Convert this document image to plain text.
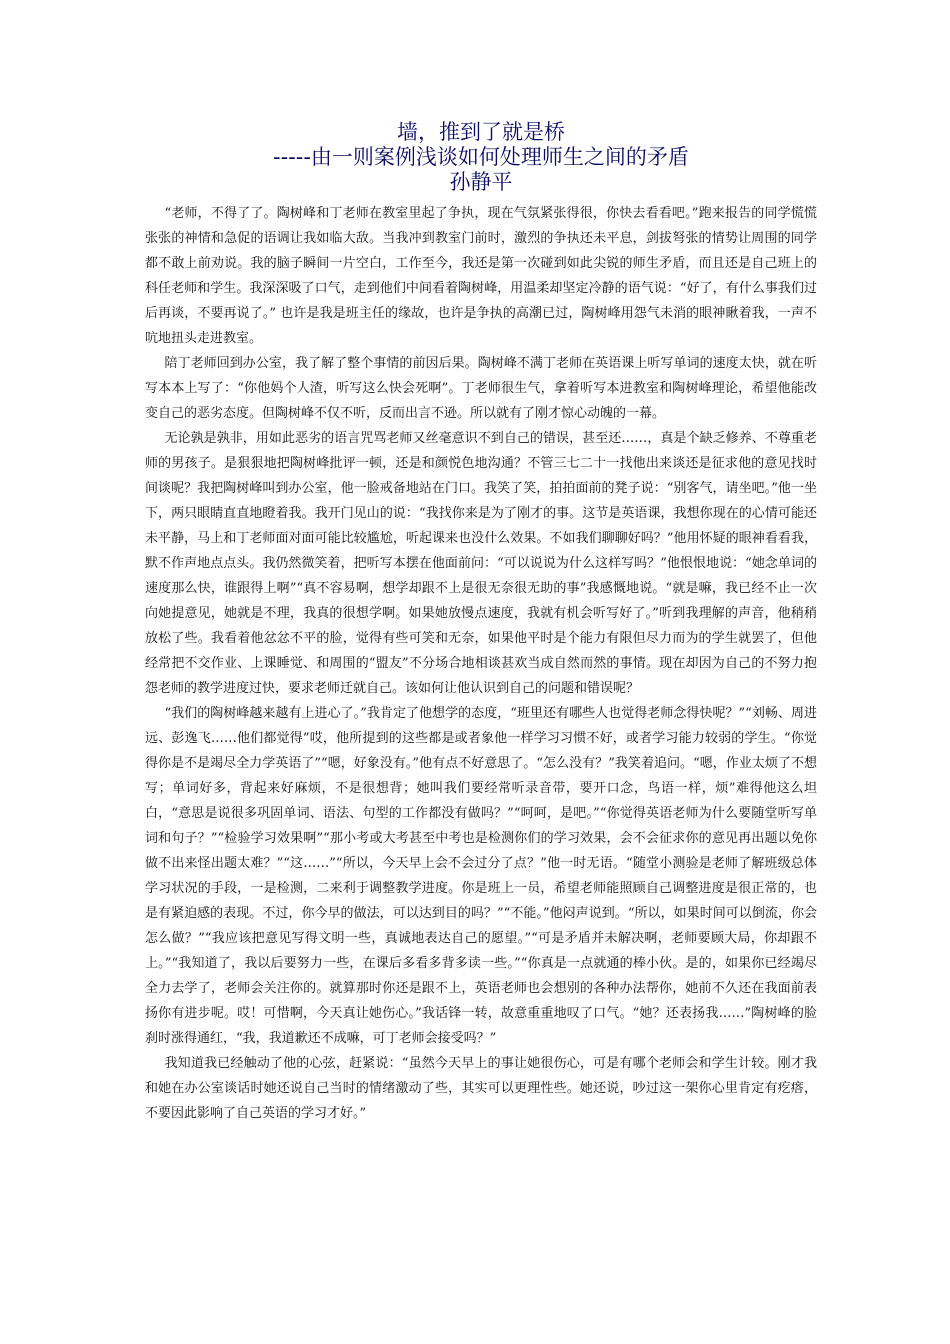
墙，推到了就是桥
-----由一则案例浅谈如何处理师生之间的矛盾
孙静平

“老师，不得了了。陶树峰和丁老师在教室里起了争执，现在气氛紧张得很，你快去看看吧。”跑来报告的同学慌慌张张的神情和急促的语调让我如临大敌。当我冲到教室门前时，激烈的争执还未平息，剑拔弩张的情势让周围的同学都不敢上前劝说。我的脑子瞬间一片空白，工作至今，我还是第一次碰到如此尖锐的师生矛盾，而且还是自己班上的科任老师和学生。我深深吸了口气，走到他们中间看着陶树峰，用温柔却坚定冷静的语气说：“好了，有什么事我们过后再谈，不要再说了。” 也许是我是班主任的缘故，也许是争执的高潮已过，陶树峰用怨气未消的眼神瞅着我，一声不吭地扭头走进教室。

陪丁老师回到办公室，我了解了整个事情的前因后果。陶树峰不满丁老师在英语课上听写单词的速度太快，就在听写本本上写了：“你他妈个人渣，听写这么快会死啊”。丁老师很生气，拿着听写本进教室和陶树峰理论，希望他能改变自己的恶劣态度。但陶树峰不仅不听，反而出言不逊。所以就有了刚才惊心动魄的一幕。

无论孰是孰非，用如此恶劣的语言咒骂老师又丝毫意识不到自己的错误，甚至还……，真是个缺乏修养、不尊重老师的男孩子。是狠狠地把陶树峰批评一顿，还是和颜悦色地沟通？不管三七二十一找他出来谈还是征求他的意见找时间谈呢？我把陶树峰叫到办公室，他一脸戒备地站在门口。我笑了笑，拍拍面前的凳子说：“别客气，请坐吧。”他一坐下，两只眼睛直直地瞪着我。我开门见山的说：“我找你来是为了刚才的事。这节是英语课，我想你现在的心情可能还未平静，马上和丁老师面对面可能比较尴尬，听起课来也没什么效果。不如我们聊聊好吗？”他用怀疑的眼神看看我，默不作声地点点头。我仍然微笑着，把听写本摆在他面前问：“可以说说为什么这样写吗？”他恨恨地说：“她念单词的速度那么快，谁跟得上啊”“真不容易啊，想学却跟不上是很无奈很无助的事”我感慨地说。“就是嘛，我已经不止一次向她提意见，她就是不理，我真的很想学啊。如果她放慢点速度，我就有机会听写好了。”听到我理解的声音，他稍稍放松了些。我看着他忿忿不平的脸，觉得有些可笑和无奈，如果他平时是个能力有限但尽力而为的学生就罢了，但他经常把不交作业、上课睡觉、和周围的“盟友”不分场合地相谈甚欢当成自然而然的事情。现在却因为自己的不努力抱怨老师的教学进度过快，要求老师迁就自己。该如何让他认识到自己的问题和错误呢？

“我们的陶树峰越来越有上进心了。”我肯定了他想学的态度，“班里还有哪些人也觉得老师念得快呢？”“刘畅、周进远、彭逸飞……他们都觉得”哎，他所提到的这些都是或者象他一样学习习惯不好，或者学习能力较弱的学生。“你觉得你是不是竭尽全力学英语了”“嗯，好象没有。”他有点不好意思了。“怎么没有？”我笑着追问。“嗯，作业太烦了不想写；单词好多，背起来好麻烦，不是很想背；她叫我们要经常听录音带，要开口念，鸟语一样，烦”难得他这么坦白，“意思是说很多巩固单词、语法、句型的工作都没有做吗？”“呵呵，是吧。”“你觉得英语老师为什么要随堂听写单词和句子？”“检验学习效果啊”“那小考或大考甚至中考也是检测你们的学习效果，会不会征求你的意见再出题以免你做不出来怪出题太难？”“这……”“所以，今天早上会不会过分了点？”他一时无语。“随堂小测验是老师了解班级总体学习状况的手段，一是检测，二来利于调整教学进度。你是班上一员，希望老师能照顾自己调整进度是很正常的，也是有紧迫感的表现。不过，你今早的做法，可以达到目的吗？”“不能。”他闷声说到。“所以，如果时间可以倒流，你会怎么做？”“我应该把意见写得文明一些，真诚地表达自己的愿望。”“可是矛盾并未解决啊，老师要顾大局，你却跟不上。”“我知道了，我以后要努力一些，在课后多看多背多读一些。”“你真是一点就通的棒小伙。是的，如果你已经竭尽全力去学了，老师会关注你的。就算那时你还是跟不上，英语老师也会想别的各种办法帮你，她前不久还在我面前表扬你有进步呢。哎！可惜啊，今天真让她伤心。”我话锋一转，故意重重地叹了口气。“她？还表扬我……”陶树峰的脸刹时涨得通红，“我，我道歉还不成嘛，可丁老师会接受吗？”

我知道我已经触动了他的心弦，赶紧说：“虽然今天早上的事让她很伤心，可是有哪个老师会和学生计较。刚才我和她在办公室谈话时她还说自己当时的情绪激动了些，其实可以更理性些。她还说，吵过这一架你心里肯定有疙瘩，不要因此影响了自己英语的学习才好。”
